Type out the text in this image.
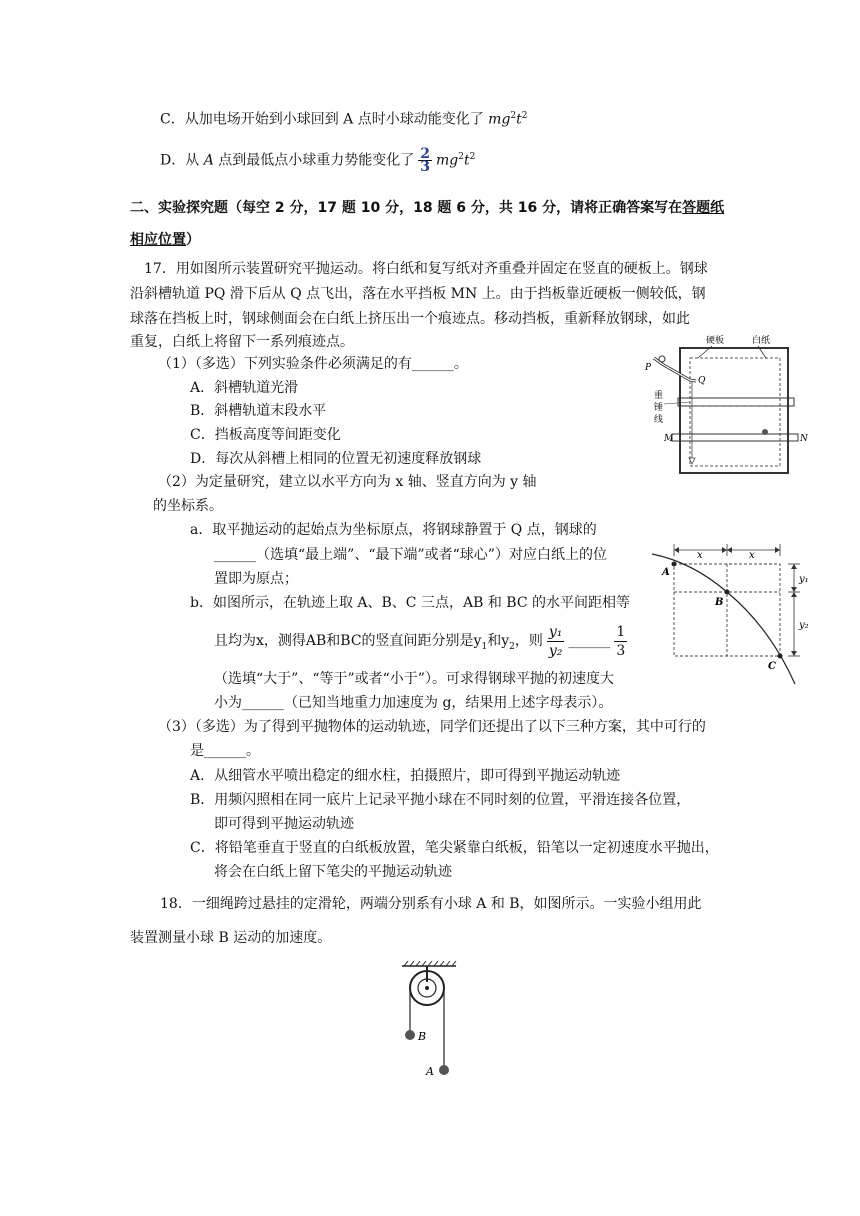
C．从加电场开始到小球回到 A 点时小球动能变化了 $mg^2t^2$
D．从 A 点到最低点小球重力势能变化了 $\frac{2}{3} mg^2t^2$
二、实验探究题（每空 2 分，17 题 10 分，18 题 6 分，共 16 分，请将正确答案写在答题纸
相应位置）
17．用如图所示装置研究平抛运动。将白纸和复写纸对齐重叠并固定在竖直的硬板上。钢球
沿斜槽轨道 PQ 滑下后从 Q 点飞出，落在水平挡板 MN 上。由于挡板靠近硬板一侧较低，钢
球落在挡板上时，钢球侧面会在白纸上挤压出一个痕迹点。移动挡板，重新释放钢球，如此
重复，白纸上将留下一系列痕迹点。
（1）（多选）下列实验条件必须满足的有______。
A．斜槽轨道光滑
B．斜槽轨道末段水平
C．挡板高度等间距变化
D．每次从斜槽上相同的位置无初速度释放钢球
（2）为定量研究，建立以水平方向为 x 轴、竖直方向为 y 轴
的坐标系。
a．取平抛运动的起始点为坐标原点，将钢球静置于 Q 点，钢球的
______（选填“最上端”、“最下端”或者“球心”）对应白纸上的位
置即为原点；
b．如图所示，在轨迹上取 A、B、C 三点，AB 和 BC 的水平间距相等
且均为x，测得AB和BC的竖直间距分别是$y_1$和$y_2$，则 $\frac{\text{y₁}}{\text{y₂}}$ ______ $\frac{1}{3}$
（选填“大于”、“等于”或者“小于”）。可求得钢球平抛的初速度大
小为______（已知当地重力加速度为 g，结果用上述字母表示）。
（3）（多选）为了得到平抛物体的运动轨迹，同学们还提出了以下三种方案，其中可行的
是______。
A．从细管水平喷出稳定的细水柱，拍摄照片，即可得到平抛运动轨迹
B．用频闪照相在同一底片上记录平抛小球在不同时刻的位置，平滑连接各位置，
即可得到平抛运动轨迹
C．将铅笔垂直于竖直的白纸板放置，笔尖紧靠白纸板，铅笔以一定初速度水平抛出，
将会在白纸上留下笔尖的平抛运动轨迹
18．一细绳跨过悬挂的定滑轮，两端分别系有小球 A 和 B，如图所示。一实验小组用此
装置测量小球 B 运动的加速度。
硬板	白纸
P
Q
重
锤
线
M	N
x	x
y₁
y₂
A
B
C
B
A
